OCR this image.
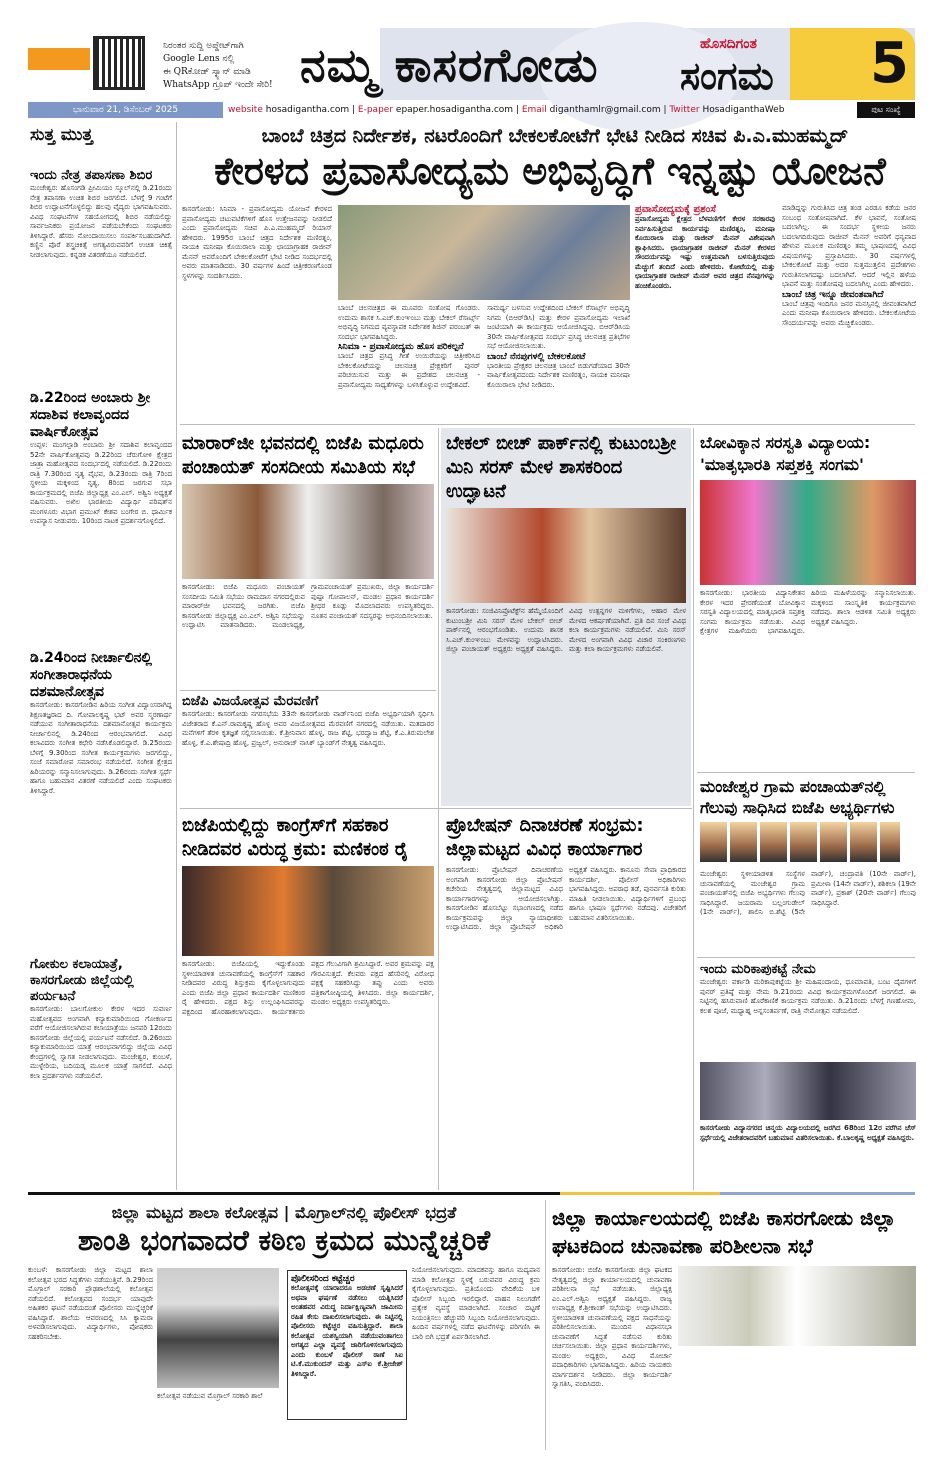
ನಿರಂತರ ಸುದ್ದಿ ಅಪ್ಡೇಟ್‌ಗಾಗಿ
Google Lens ನಲ್ಲಿ
ಈ QRಕೋಡ್ ಸ್ಕ್ಯಾನ್ ಮಾಡಿ
WhatsApp ಗ್ರೂಪ್ ಇಂದೇ ಸೇರಿ! ನಮ್ಮ ಕಾಸರಗೋಡು	ಹೊಸದಿಗಂತ
ಸಂಗಮ 5
ಭಾನುವಾರ 21, ಡಿಸೆಂಬರ್ 2025	website hosadigantha.com | E-paper epaper.hosadigantha.com | Email diganthamlr@gmail.com | Twitter HosadiganthaWeb	ಪುಟ ಸಂಖ್ಯೆ
ಸುತ್ತ ಮುತ್ತ
ಇಂದು ನೇತ್ರ ತಪಾಸಣಾ ಶಿಬಿರ

ಮಂಜೇಶ್ವರ: ಹೊಸಂಗಡಿ ಪ್ರೀಮಿಯಂ ಸ್ಕೂಲ್‌ನಲ್ಲಿ ಡಿ.21ರಂದು ನೇತ್ರ ತಪಾಸಣಾ ಉಚಿತ ಶಿಬಿರ ಜರಗಲಿದೆ. ಬೆಳಗ್ಗೆ 9 ಗಂಟೆಗೆ ಶಿಬಿರ ಉದ್ಘಾಟನೆಗೊಳ್ಳಲಿದ್ದು ಹಲವು ವೈದ್ಯರು ಭಾಗವಹಿಸುವರು. ವಿವಿಧ ಸಂಘಟನೆಗಳ ಸಹಯೋಗದಲ್ಲಿ ಶಿಬಿರ ನಡೆಯಲಿದ್ದು ಸಾರ್ವಜನಿಕರು ಪ್ರಯೋಜನ ಪಡೆಯಬೇಕೆಂದು ಸಂಘಟಕರು ತಿಳಿಸಿದ್ದಾರೆ. ಹೆಸರು ನೋಂದಾಯಿಸಲು ಸಂಪರ್ಕಿಸಬಹುದಾಗಿದೆ. ಕಣ್ಣಿನ ಪೊರೆ ಶಸ್ತ್ರಚಿಕಿತ್ಸೆ ಅಗತ್ಯವಿರುವವರಿಗೆ ಉಚಿತ ಚಿಕಿತ್ಸೆ ನೀಡಲಾಗುವುದು. ಕನ್ನಡಕ ವಿತರಣೆಯೂ ನಡೆಯಲಿದೆ.

ಡಿ.22ರಿಂದ ಅಂಬಾರು ಶ್ರೀ ಸದಾಶಿವ ಕಲಾವೃಂದದ ವಾರ್ಷಿಕೋತ್ಸವ

ಉಪ್ಪಳ: ಮಂಗಲ್ಪಾಡಿ ಅಂಬಾರು ಶ್ರೀ ಸದಾಶಿವ ಕಲಾವೃಂದದ 52ನೇ ವಾರ್ಷಿಕೋತ್ಸವವು ಡಿ.22ರಿಂದ ಚೆರುಗೋಳಿ ಕ್ಷೇತ್ರದ ಜಾತ್ರಾ ಮಹೋತ್ಸವದ ಸಂದರ್ಭದಲ್ಲಿ ನಡೆಯಲಿದೆ. ಡಿ.22ರಂದು ರಾತ್ರಿ 7.30ರಿಂದ ನೃತ್ಯ ವೈಭವ, ಡಿ.23ರಂದು ರಾತ್ರಿ 7ರಿಂದ ಸ್ಥಳೀಯ ಮಕ್ಕಳಿಂದ ನೃತ್ಯ, 8ರಿಂದ ಜರಗುವ ಸಭಾ ಕಾರ್ಯಕ್ರಮದಲ್ಲಿ ಬಿಜೆಪಿ ಜಿಲ್ಲಾಧ್ಯಕ್ಷ ಎಂ.ಎಲ್. ಅಶ್ವಿನಿ ಅಧ್ಯಕ್ಷತೆ ವಹಿಸುವರು. ಅಖಿಲ ಭಾರತೀಯ ವಿದ್ಯಾರ್ಥಿ ಪರಿಷತ್‌ನ ಮಂಗಳೂರು ವಿಭಾಗ ಪ್ರಮುಖ್ ಕೇಶವ ಬಂಗೇರ ಬಿ. ಧಾರ್ಮಿಕ ಉಪನ್ಯಾಸ ನೀಡುವರು. 10ರಿಂದ ನಾಟಕ ಪ್ರದರ್ಶನಗೊಳ್ಳಲಿದೆ.

ಡಿ.24ರಿಂದ ನೀರ್ಚಾಲಿನಲ್ಲಿ ಸಂಗೀತಾರಾಧನೆಯ ದಶಮಾನೋತ್ಸವ

ಕಾಸರಗೋಡು: ಕಾಸರಗೋಡಿನ ಹಿರಿಯ ಸಂಗೀತ ವಿದ್ವಾಂಸರಾಗಿದ್ದ ಶಿಕ್ಷಣತಜ್ಞರಾದ ದಿ. ಗೋಪಾಲಕೃಷ್ಣ ಭಟ್ ಅವರ ಸ್ಮರಣಾರ್ಥ ನಡೆಯುವ ಸಂಗೀತಾರಾಧನೆಯ ದಶಮಾನೋತ್ಸವ ಕಾರ್ಯಕ್ರಮ ನೀರ್ಚಾಲಿನಲ್ಲಿ ಡಿ.24ರಿಂದ ಆರಂಭವಾಗಲಿದೆ. ವಿವಿಧ ಕಲಾವಿದರು ಸಂಗೀತ ಕಛೇರಿ ನಡೆಸಿಕೊಡಲಿದ್ದಾರೆ. ಡಿ.25ರಂದು ಬೆಳಗ್ಗೆ 9.30ರಿಂದ ಸಂಗೀತ ಕಾರ್ಯಕ್ರಮಗಳು ಜರಗಲಿದ್ದು, ಸಂಜೆ ಸಮಾರೋಪ ಸಮಾರಂಭ ನಡೆಯಲಿದೆ. ಸಂಗೀತ ಕ್ಷೇತ್ರದ ಹಿರಿಯರನ್ನು ಸನ್ಮಾನಿಸಲಾಗುವುದು. ಡಿ.26ರಂದು ಸಂಗೀತ ಸ್ಪರ್ಧೆ ಹಾಗೂ ಬಹುಮಾನ ವಿತರಣೆ ನಡೆಯಲಿದೆ ಎಂದು ಸಂಘಟಕರು ತಿಳಿಸಿದ್ದಾರೆ.

ಗೋಕುಲ ಕಲಾಯಾತ್ರೆ, ಕಾಸರಗೋಡು ಜಿಲ್ಲೆಯಲ್ಲಿ ಪರ್ಯಟನೆ

ಕಾಸರಗೋಡು: ಬಾಲಗೋಕುಲ ಕೇರಳ ಇದರ ಸುವರ್ಣ ಮಹೋತ್ಸವದ ಅಂಗವಾಗಿ ಕನ್ಯಾಕುಮಾರಿಯಿಂದ ಗೋಕರ್ಣದ ವರೆಗೆ ಆಯೋಜಿಸಲಾಗಿರುವ ಕಲಾಯಾತ್ರೆಯು ಜನವರಿ 12ರಂದು ಕಾಸರಗೋಡು ಜಿಲ್ಲೆಯಲ್ಲಿ ಪರ್ಯಟನೆ ನಡೆಸಲಿದೆ. ಡಿ.26ರಂದು ಕನ್ಯಾಕುಮಾರಿಯಿಂದ ಯಾತ್ರೆ ಆರಂಭವಾಗಲಿದ್ದು ಜಿಲ್ಲೆಯ ವಿವಿಧ ಕೇಂದ್ರಗಳಲ್ಲಿ ಸ್ವಾಗತ ನೀಡಲಾಗುವುದು. ಮಂಜೇಶ್ವರ, ಕುಂಬಳೆ, ಮುಳ್ಳೇರಿಯ, ಬದಿಯಡ್ಕ ಮೂಲಕ ಯಾತ್ರೆ ಸಾಗಲಿದೆ. ವಿವಿಧ ಕಲಾ ಪ್ರದರ್ಶನಗಳು ನಡೆಯಲಿವೆ.

ಬಾಂಬೆ ಚಿತ್ರದ ನಿರ್ದೇಶಕ, ನಟರೊಂದಿಗೆ ಬೇಕಲಕೋಟೆಗೆ ಭೇಟಿ ನೀಡಿದ ಸಚಿವ ಪಿ.ಎ.ಮುಹಮ್ಮದ್
ಕೇರಳದ ಪ್ರವಾಸೋದ್ಯಮ ಅಭಿವೃದ್ಧಿಗೆ ಇನ್ನಷ್ಟು ಯೋಜನೆ

ಕಾಸರಗೋಡು: ಸಿನಿಮಾ - ಪ್ರವಾಸೋದ್ಯಮ ಯೋಜನೆ ಕೇರಳದ ಪ್ರವಾಸೋದ್ಯಮ ಚಟುವಟಿಕೆಗಳಿಗೆ ಹೊಸ ಉತ್ತೇಜನವನ್ನು ನೀಡಲಿದೆ ಎಂದು ಪ್ರವಾಸೋದ್ಯಮ ಸಚಿವ ಪಿ.ಎ.ಮುಹಮ್ಮದ್ ರಿಯಾಸ್ ಹೇಳಿದರು. 1995ರ ಬಾಂಬೆ ಚಿತ್ರದ ನಿರ್ದೇಶಕ ಮಣಿರತ್ನಂ, ನಾಯಕಿ ಮನೀಷಾ ಕೊಯಿರಾಲಾ ಮತ್ತು ಛಾಯಾಗ್ರಾಹಕ ರಾಜೀವ್ ಮೆನನ್ ಅವರೊಂದಿಗೆ ಬೇಕಲಕೋಟೆಗೆ ಭೇಟಿ ನೀಡಿದ ಸಂದರ್ಭದಲ್ಲಿ ಅವರು ಮಾತನಾಡಿದರು. 30 ವರ್ಷಗಳ ಹಿಂದೆ ಚಿತ್ರೀಕರಣಗೊಂಡ ಸ್ಥಳಗಳನ್ನು ಸಂದರ್ಶಿಸಿದರು.

ಬಾಂಬೆ ಚಲನಚಿತ್ರದ ಈ ಮೂವರು ಸಂತೋಷ ಗೊಂಡರು. ಉದುಮ ಶಾಸಕ ಸಿ.ಎಚ್.ಕುಂಞಂಬು ಮತ್ತು ಬೇಕಲ್ ರೆಸಾರ್ಟ್ಸ್ ಅಭಿವೃದ್ಧಿ ನಿಗಮದ ವ್ಯವಸ್ಥಾಪಕ ನಿರ್ದೇಶಕ ಶಿಜಿನ್ ಪರಂಬತ್ ಈ ಸಂದರ್ಭ ಭಾಗವಹಿಸಿದ್ದರು.

ಸಿನಿಮಾ - ಪ್ರವಾಸೋದ್ಯಮ ಹೊಸ ಪರಿಕಲ್ಪನೆ

ಬಾಂಬೆ ಚಿತ್ರದ ಪ್ರಸಿದ್ಧ ಗೀತೆ ಉಯಿರೆಯನ್ನು ಚಿತ್ರೀಕರಿಸಿದ ಬೇಕಲಕೋಟೆಯನ್ನು ಚಲನಚಿತ್ರ ಪ್ರೇಕ್ಷಕರಿಗೆ ಪುನರ್ ಪರಿಚಯಿಸುವ ಮತ್ತು ಈ ಪ್ರದೇಶದ ಚಲನಚಿತ್ರ - ಪ್ರವಾಸೋದ್ಯಮ ಸಾಧ್ಯತೆಗಳನ್ನು ಬಳಸಿಕೊಳ್ಳುವ ಉದ್ದೇಶವಿದೆ.

ಸಾಮರ್ಥ್ಯ ಬಳಸುವ ಉದ್ದೇಶದಿಂದ ಬೇಕಲ್ ರೆಸಾರ್ಟ್ಸ್ ಅಭಿವೃದ್ಧಿ ನಿಗಮ (ಬಿಆರ್‌ಡಿಸಿ) ಮತ್ತು ಕೇರಳ ಪ್ರವಾಸೋದ್ಯಮ ಇಲಾಖೆ ಜಂಟಿಯಾಗಿ ಈ ಕಾರ್ಯಕ್ರಮ ಆಯೋಜಿಸಿದ್ದವು. ಬಿಆರ್‌ಡಿಸಿಯ 30ನೇ ವಾರ್ಷಿಕೋತ್ಸವದ ಸಂದರ್ಭ ಪ್ರಸಿದ್ಧ ಚಲನಚಿತ್ರ ಪ್ರತಿಭೆಗಳ ಸಭೆ ಆಯೋಜಿಸಲಾಯಿತು.

ಬಾಂಬೆ ನೆನಪುಗಳಲ್ಲಿ ಬೇಕಲಕೋಟೆ

ಭಾರತೀಯ ಪ್ರೇಕ್ಷಕರ ಚಲನಚಿತ್ರ ಬಾಂಬೆ ಬಿಡುಗಡೆಯಾದ 30ನೇ ವಾರ್ಷಿಕೋತ್ಸವದಂದು ನಿರ್ದೇಶಕ ಮಣಿರತ್ನಂ, ನಾಯಕಿ ಮನೀಷಾ ಕೊಯಿರಾಲಾ ಭೇಟಿ ನೀಡಿದರು.

ಪ್ರವಾಸೋದ್ಯಮಕ್ಕೆ ಪ್ರಶಂಸೆ

ಪ್ರವಾಸೋದ್ಯಮ ಕ್ಷೇತ್ರದ ಬೆಳವಣಿಗೆಗೆ ಕೇರಳ ಸರಕಾರವು ನಿರ್ವಹಿಸುತ್ತಿರುವ ಕಾರ್ಯವನ್ನು ಮಣಿರತ್ನಂ, ಮನೀಷಾ ಕೊಯಿರಾಲಾ ಮತ್ತು ರಾಜೀವ್ ಮೆನನ್ ವಿಶೇಷವಾಗಿ ಶ್ಲಾಘಿಸಿದರು. ಛಾಯಾಗ್ರಾಹಕ ರಾಜೀವ್ ಮೆನನ್ ಕೇರಳದ ಸೌಂದರ್ಯವನ್ನು ಇಷ್ಟು ಉತ್ತಮವಾಗಿ ಬಳಸುತ್ತಿರುವುದು ಮೆಚ್ಚುಗೆ ತಂದಿದೆ ಎಂದು ಹೇಳಿದರು. ಕೋಟೆಯಲ್ಲಿ ಮತ್ತು ಛಾಯಾಗ್ರಾಹಕ ರಾಜೀವ್ ಮೆನನ್ ಅವರ ಚಿತ್ರದ ನೆನಪುಗಳನ್ನು ಹಂಚಿಕೊಂಡರು.

ಮಾಡಿದ್ದನ್ನು ಗುರುತಿಸಿದ ಚಿತ್ರ ತಂಡ ಎರಡೂ ಕಡೆಯ ಜನರ ಸಂಬಂಧ ಸಂತೋಷವಾಗಿದೆ. ಕೆಳ ಭಾವನೆ, ಸಂತೋಷ ಬದಲಾಗಿಲ್ಲ. ಈ ಸಂದರ್ಭ ಸ್ಥಳೀಯ ಜನರು ಬದಲಾಗದಿರುವುದು ರಾಜೀವ್ ಮೆನನ್ ಅವರಿಗೆ ಧನ್ಯವಾದ ಹೇಳುವ ಮೂಲಕ ಮಣಿರತ್ನಂ ತಮ್ಮ ಭಾಷಣದಲ್ಲಿ ವಿವಿಧ ವಿಷಯಗಳನ್ನು ಪ್ರಸ್ತಾಪಿಸಿದರು. 30 ವರ್ಷಗಳಲ್ಲಿ ಬೇಕಲಕೋಟೆ ಮತ್ತು ಅದರ ಸುತ್ತಮುತ್ತಲಿನ ಪ್ರದೇಶಗಳು ಗುರುತಿಸಲಾಗದಷ್ಟು ಬದಲಾಗಿವೆ. ಆದರೆ ಇಲ್ಲಿನ ಹಳೆಯ ಭಾವನೆ ಮತ್ತು ಸಂತೋಷವು ಬದಲಾಗಿಲ್ಲ ಎಂದು ಹೇಳಿದರು.

ಬಾಂಬೆ ಚಿತ್ರ ಇನ್ನೂ ಜೀವಂತವಾಗಿದೆ

ಬಾಂಬೆ ಚಿತ್ರವು ಇಂದಿಗೂ ಜನರ ಮನಸ್ಸಿನಲ್ಲಿ ಜೀವಂತವಾಗಿದೆ ಎಂದು ಮನೀಷಾ ಕೊಯಿರಾಲಾ ಹೇಳಿದರು. ಬೇಕಲಕೋಟೆಯ ಸೌಂದರ್ಯವನ್ನು ಅವರು ಮೆಚ್ಚಿಕೊಂಡರು.

ಮಾರಾರ್‌ಜೀ ಭವನದಲ್ಲಿ ಬಿಜೆಪಿ ಮಧೂರು ಪಂಚಾಯತ್ ಸಂಸದೀಯ ಸಮಿತಿಯ ಸಭೆ

ಕಾಸರಗೋಡು: ಬಿಜೆಪಿ ಮಧೂರು ಪಂಚಾಯತ್ ಸಂಸದೀಯ ಸಮಿತಿ ಸಭೆಯು ರಾಮದಾಸ ನಗರದಲ್ಲಿರುವ ಮಾರಾರ್‌ಜೀ ಭವನದಲ್ಲಿ ಜರಗಿತು. ಬಿಜೆಪಿ ಕಾಸರಗೋಡು ಜಿಲ್ಲಾಧ್ಯಕ್ಷ ಎಂ.ಎಲ್. ಅಶ್ವಿನಿ ಸಭೆಯನ್ನು ಉದ್ಘಾಟಿಸಿ ಮಾತನಾಡಿದರು. ಮಂಡಲಾಧ್ಯಕ್ಷ, ಗ್ರಾಮಪಂಚಾಯತ್ ಪ್ರಮುಖರು, ಜಿಲ್ಲಾ ಕಾರ್ಯದರ್ಶಿ ಪುಷ್ಪಾ ಗೋಪಾಲನ್, ಮಂಡಲ ಪ್ರಧಾನ ಕಾರ್ಯದರ್ಶಿ ಶ್ರೀಧರ ಕೂಡ್ಲು ಮೊದಲಾದವರು ಉಪಸ್ಥಿತರಿದ್ದರು. ನೂತನ ಪಂಚಾಯತ್ ಸದಸ್ಯರನ್ನು ಅಭಿನಂದಿಸಲಾಯಿತು.

ಬೇಕಲ್ ಬೀಚ್ ಪಾರ್ಕ್‌ನಲ್ಲಿ ಕುಟುಂಬಶ್ರೀ ಮಿನಿ ಸರಸ್ ಮೇಳ ಶಾಸಕರಿಂದ ಉದ್ಘಾಟನೆ

ಕಾಸರಗೋಡು: ಸಂಜಿವಿನಿಪ್ರೊಟೆಕ್ಟ್‌ನ ಹೆಮ್ಮೆಯೊಂದಿಗೆ ಕುಟುಂಬಶ್ರೀ ಮಿನಿ ಸರಸ್ ಮೇಳ ಬೇಕಲ್ ಬೀಚ್ ಪಾರ್ಕ್‌ನಲ್ಲಿ ಆರಂಭಗೊಂಡಿತು. ಉದುಮ ಶಾಸಕ ಸಿ.ಎಚ್.ಕುಂಞಂಬು ಮೇಳವನ್ನು ಉದ್ಘಾಟಿಸಿದರು. ಜಿಲ್ಲಾ ಪಂಚಾಯತ್ ಅಧ್ಯಕ್ಷರು ಅಧ್ಯಕ್ಷತೆ ವಹಿಸಿದ್ದರು. ವಿವಿಧ ಉತ್ಪನ್ನಗಳ ಮಳಿಗೆಗಳು, ಆಹಾರ ಮೇಳ ಮೇಳದ ಆಕರ್ಷಣೆಯಾಗಿವೆ. ಪ್ರತಿ ದಿನ ಸಂಜೆ ವಿವಿಧ ಕಲಾ ಕಾರ್ಯಕ್ರಮಗಳು ನಡೆಯಲಿವೆ. ಮಿನಿ ಸರಸ್ ಮೇಳದ ಅಂಗವಾಗಿ ವಿವಿಧ ವಿಚಾರ ಸಂಕಿರಣಗಳು ಮತ್ತು ಕಲಾ ಕಾರ್ಯಕ್ರಮಗಳು ನಡೆಯಲಿವೆ.

ಬೋವಿಕ್ಕಾನ ಸರಸ್ವತಿ ವಿದ್ಯಾಲಯ: 'ಮಾತೃಭಾರತಿ ಸಪ್ತಶಕ್ತಿ ಸಂಗಮ'

ಕಾಸರಗೋಡು: ಭಾರತೀಯ ವಿದ್ಯಾನಿಕೇತನ ಕೇರಳ ಇದರ ಪ್ರೇರಣೆಯಂತೆ ಬೋವಿಕ್ಕಾನ ಸರಸ್ವತಿ ವಿದ್ಯಾಲಯದಲ್ಲಿ ಮಾತೃಭಾರತಿ ಸಪ್ತಶಕ್ತಿ ಸಂಗಮ ಕಾರ್ಯಕ್ರಮ ನಡೆಯಿತು. ವಿವಿಧ ಕ್ಷೇತ್ರಗಳ ಮಹಿಳೆಯರು ಭಾಗವಹಿಸಿದ್ದರು. ಹಿರಿಯ ಮಹಿಳೆಯರನ್ನು ಸನ್ಮಾನಿಸಲಾಯಿತು. ಮಕ್ಕಳಿಂದ ಸಾಂಸ್ಕೃತಿಕ ಕಾರ್ಯಕ್ರಮಗಳು ನಡೆದವು. ಶಾಲಾ ಆಡಳಿತ ಸಮಿತಿ ಅಧ್ಯಕ್ಷರು ಅಧ್ಯಕ್ಷತೆ ವಹಿಸಿದ್ದರು.

ಬಿಜೆಪಿ ವಿಜಯೋತ್ಸವ ಮೆರವಣಿಗೆ

ಕಾಸರಗೋಡು: ಕಾಸರಗೋಡು ನಗರಸಭೆಯ 33ನೇ ಕಾಸರಗೋಡು ವಾರ್ಡ್‌ನಿಂದ ಬಿಜೆಪಿ ಅಭ್ಯರ್ಥಿಯಾಗಿ ಸ್ಪರ್ಧಿಸಿ ವಿಜೇತರಾದ ಕೆ.ಎನ್.ರಾಮಕೃಷ್ಣ ಹೊಳ್ಳ ಅವರ ವಿಜಯೋತ್ಸವದ ಮೆರವಣಿಗೆ ನಗರದಲ್ಲಿ ನಡೆಯಿತು. ಮತದಾರರ ಮನೆಗಳಿಗೆ ತೆರಳಿ ಕೃತಜ್ಞತೆ ಸಲ್ಲಿಸಲಾಯಿತು. ಕೆ.ಶ್ರೀನಿವಾಸ ಹೊಳ್ಳ, ರಾಜ ಶೆಟ್ಟಿ, ಭರದ್ವಾಜ ಶೆಟ್ಟಿ, ಕೆ.ಎ.ತಿರುಮಲೇಶ ಹೊಳ್ಳ, ಕೆ.ಎ.ಶೇಷಾದ್ರಿ ಹೊಳ್ಳ, ಪ್ರಜ್ವಲ್, ಅನುರಾಜ್ ನಾಸಿಕ್ ಬ್ಯಾಂಡ್‌ಗೆ ನೇತೃತ್ವ ವಹಿಸಿದ್ದರು.

ಮಂಜೇಶ್ವರ ಗ್ರಾಮ ಪಂಚಾಯತ್‌ನಲ್ಲಿ ಗೆಲುವು ಸಾಧಿಸಿದ ಬಿಜೆಪಿ ಅಭ್ಯರ್ಥಿಗಳು

ಮಂಜೇಶ್ವರ: ಸ್ಥಳೀಯಾಡಳಿತ ಸಂಸ್ಥೆಗಳ ಚುನಾವಣೆಯಲ್ಲಿ ಮಂಜೇಶ್ವರ ಗ್ರಾಮ ಪಂಚಾಯತ್‌ನಲ್ಲಿ ಬಿಜೆಪಿ ಅಭ್ಯರ್ಥಿಗಳು ಗೆಲುವು ಸಾಧಿಸಿದ್ದಾರೆ. ಜಯರಾಮ ಬಲ್ಲಂಗುಡೇಲ್ (1ನೇ ವಾರ್ಡ್), ಶಾಲಿನಿ ಬಿ.ಶೆಟ್ಟಿ (5ನೇ ವಾರ್ಡ್), ಚಂದ್ರಾವತಿ (10ನೇ ವಾರ್ಡ್), ಪ್ರಮೀಳಾ (14ನೇ ವಾರ್ಡ್), ಶಶಿಕಲಾ (19ನೇ ವಾರ್ಡ್), ಪ್ರಕಾಶ್ (20ನೇ ವಾರ್ಡ್) ಗೆಲುವು ಸಾಧಿಸಿದ್ದಾರೆ.

ಇಂದು ಮರಿಕಾಪುಕಟ್ಟೆ ನೇಮ

ಮಂಜೇಶ್ವರ: ವರ್ಕಾಡಿ ಮರಿಕಾಪುಕಟ್ಟೆಯ ಶ್ರೀ ಮಹಿಷಂದಾಯ, ಧೂಮಾವತಿ, ಬಂಟ ದೈವಗಳಿಗೆ ಪುನರ್ ಪ್ರತಿಷ್ಠೆ ಮತ್ತು ನೇಮ ಡಿ.21ರಂದು ವಿವಿಧ ಕಾರ್ಯಕ್ರಮಗಳೊಂದಿಗೆ ಜರಗಲಿದೆ. ಈ ನಿಟ್ಟಿನಲ್ಲಿ ಹಸಿರುವಾಣಿ ಹೊರೆಕಾಣಿಕೆ ಕಾರ್ಯಕ್ರಮ ನಡೆಯಿತು. ಡಿ.21ರಂದು ಬೆಳಗ್ಗೆ ಗಣಹೋಮ, ಕಲಶ ಪೂಜೆ, ಮಧ್ಯಾಹ್ನ ಅನ್ನಸಂತರ್ಪಣೆ, ರಾತ್ರಿ ನೇಮೋತ್ಸವ ನಡೆಯಲಿದೆ.

ಕಾಸರಗೋಡು ವಿದ್ಯಾನಗರದ ಚಿನ್ಮಯ ವಿದ್ಯಾಲಯದಲ್ಲಿ ಜರಗಿದ 68ರಿಂದ 12ರ ವರೆಗಿನ ಚೆಸ್ ಸ್ಪರ್ಧೆಯಲ್ಲಿ ವಿಜೇತರಾದವರಿಗೆ ಬಹುಮಾನ ವಿತರಿಸಲಾಯಿತು. ಕೆ.ಬಾಲಕೃಷ್ಣ ಅಧ್ಯಕ್ಷತೆ ವಹಿಸಿದ್ದರು.

ಬಿಜೆಪಿಯಲ್ಲಿದ್ದು ಕಾಂಗ್ರೆಸ್‌ಗೆ ಸಹಕಾರ ನೀಡಿದವರ ವಿರುದ್ಧ ಕ್ರಮ: ಮಣಿಕಂಠ ರೈ

ಕಾಸರಗೋಡು: ಬಿಜೆಪಿಯಲ್ಲಿ ಇದ್ದುಕೊಂಡು ಸ್ಥಳೀಯಾಡಳಿತ ಚುನಾವಣೆಯಲ್ಲಿ ಕಾಂಗ್ರೆಸ್‌ಗೆ ಸಹಕಾರ ನೀಡಿದವರ ವಿರುದ್ಧ ಶಿಸ್ತುಕ್ರಮ ಕೈಗೊಳ್ಳಲಾಗುವುದು ಎಂದು ಬಿಜೆಪಿ ಜಿಲ್ಲಾ ಪ್ರಧಾನ ಕಾರ್ಯದರ್ಶಿ ಮಣಿಕಂಠ ರೈ ಹೇಳಿದರು. ಪಕ್ಷದ ಶಿಸ್ತು ಉಲ್ಲಂಘಿಸಿದವರನ್ನು ಪಕ್ಷದಿಂದ ಹೊರಹಾಕಲಾಗುವುದು. ಕಾರ್ಯಕರ್ತರು ಪಕ್ಷದ ಗೆಲುವಿಗಾಗಿ ಶ್ರಮಿಸಿದ್ದಾರೆ. ಅವರ ಶ್ರಮವನ್ನು ಪಕ್ಷ ಗೌರವಿಸುತ್ತದೆ. ಕೆಲವರು ಪಕ್ಷದ ಹೆಸರಿನಲ್ಲಿ ವಿರೋಧ ಪಕ್ಷಕ್ಕೆ ಸಹಕರಿಸಿದ್ದು ತಪ್ಪು ಎಂದು ಅವರು ಪತ್ರಿಕಾಗೋಷ್ಠಿಯಲ್ಲಿ ತಿಳಿಸಿದರು. ಜಿಲ್ಲಾ ಕಾರ್ಯದರ್ಶಿ, ಮಂಡಲ ಅಧ್ಯಕ್ಷರು ಉಪಸ್ಥಿತರಿದ್ದರು.

ಪ್ರೊಬೇಷನ್ ದಿನಾಚರಣೆ ಸಂಭ್ರಮ: ಜಿಲ್ಲಾಮಟ್ಟದ ವಿವಿಧ ಕಾರ್ಯಾಗಾರ

ಕಾಸರಗೋಡು: ಪ್ರೊಬೇಷನ್ ದಿನಾಚರಣೆಯ ಅಂಗವಾಗಿ ಕಾಸರಗೋಡು ಜಿಲ್ಲಾ ಪ್ರೊಬೇಷನ್ ಕಚೇರಿಯ ನೇತೃತ್ವದಲ್ಲಿ ಜಿಲ್ಲಾಮಟ್ಟದ ವಿವಿಧ ಕಾರ್ಯಾಗಾರಗಳನ್ನು ಆಯೋಜಿಸಲಾಗಿತ್ತು. ಕಾಸರಗೋಡಿನ ಹೊಸಬೆಟ್ಟು ಸಭಾಂಗಣದಲ್ಲಿ ನಡೆದ ಕಾರ್ಯಕ್ರಮವನ್ನು ಜಿಲ್ಲಾ ನ್ಯಾಯಾಧೀಶರು ಉದ್ಘಾಟಿಸಿದರು. ಜಿಲ್ಲಾ ಪ್ರೊಬೇಷನ್ ಅಧಿಕಾರಿ ಅಧ್ಯಕ್ಷತೆ ವಹಿಸಿದ್ದರು. ಕಾನೂನು ಸೇವಾ ಪ್ರಾಧಿಕಾರದ ಕಾರ್ಯದರ್ಶಿ, ಪೊಲೀಸ್ ಅಧಿಕಾರಿಗಳು ಭಾಗವಹಿಸಿದ್ದರು. ಅಪರಾಧ ತಡೆ, ಪುನರ್ವಸತಿ ಕುರಿತು ಮಾಹಿತಿ ನೀಡಲಾಯಿತು. ವಿದ್ಯಾರ್ಥಿಗಳಿಗೆ ಪ್ರಬಂಧ ಹಾಗೂ ಭಾಷಣ ಸ್ಪರ್ಧೆಗಳು ನಡೆದವು. ವಿಜೇತರಿಗೆ ಬಹುಮಾನ ವಿತರಿಸಲಾಯಿತು.

ಜಿಲ್ಲಾ ಮಟ್ಟದ ಶಾಲಾ ಕಲೋತ್ಸವ | ಮೊಗ್ರಾಲ್‌ನಲ್ಲಿ ಪೊಲೀಸ್ ಭದ್ರತೆ
ಶಾಂತಿ ಭಂಗವಾದರೆ ಕಠಿಣ ಕ್ರಮದ ಮುನ್ನೆಚ್ಚರಿಕೆ

ಕುಂಬಳೆ: ಕಾಸರಗೋಡು ಜಿಲ್ಲಾ ಮಟ್ಟದ ಶಾಲಾ ಕಲೋತ್ಸವ ಭರದ ಸಿದ್ಧತೆಗಳು ನಡೆಯುತ್ತಿವೆ. ಡಿ.29ರಿಂದ ಮೊಗ್ರಾಲ್ ಸರಕಾರಿ ಪ್ರೌಢಶಾಲೆಯಲ್ಲಿ ಕಲೋತ್ಸವ ನಡೆಯಲಿದೆ. ಕಲೋತ್ಸವದ ಸಂದರ್ಭ ಯಾವುದೇ ಅಹಿತಕರ ಘಟನೆ ನಡೆಯದಂತೆ ಪೊಲೀಸರು ಮುನ್ನೆಚ್ಚರಿಕೆ ವಹಿಸಿದ್ದಾರೆ. ಶಾಲೆಯ ಆವರಣದಲ್ಲಿ ಸಿಸಿ ಕ್ಯಾಮರಾ ಅಳವಡಿಸಲಾಗುವುದು. ವಿದ್ಯಾರ್ಥಿಗಳು, ಪೋಷಕರು ಸಹಕರಿಸಬೇಕು.

ಕಲೋತ್ಸವ ನಡೆಯುವ ಮೊಗ್ರಾಲ್ ಸರಕಾರಿ ಶಾಲೆ

ಪೊಲೀಸರಿಂದ ಕಟ್ಟೆಚ್ಚರ

ಕಲೋತ್ಸವಕ್ಕೆ ಯಾರಾದರೂ ಅಡಚಣೆ ಸೃಷ್ಟಿಸಿದರೆ ಅಥವಾ ಘರ್ಷಣೆ ನಡೆಸಲು ಯತ್ನಿಸಿದರೆ ಅಂತಹವರ ವಿರುದ್ಧ ನಿರ್ದಾಕ್ಷಿಣ್ಯವಾಗಿ ಜಾಮೀನು ರಹಿತ ಕೇಸು ದಾಖಲಿಸಲಾಗುವುದು. ಈ ನಿಟ್ಟಿನಲ್ಲಿ ಪೊಲೀಸರು ಕಟ್ಟೆಚ್ಚರ ವಹಿಸುತ್ತಿದ್ದಾರೆ. ಶಾಲಾ ಕಲೋತ್ಸವ ಯಶಸ್ವಿಯಾಗಿ ನಡೆಯುವಂತಾಗಲು ಅಗತ್ಯದ ಎಲ್ಲಾ ವ್ಯವಸ್ಥೆ ಜಾರಿಗೊಳಿಸಲಾಗುವುದು ಎಂದು ಕುಂಬಳೆ ಪೊಲೀಸ್ ಠಾಣೆ ಸಿಐ ಟಿ.ಕೆ.ಮುಕುಂದನ್ ಮತ್ತು ಎಸ್‌ಐ ಕೆ.ಶ್ರೀಜೇಶ್ ತಿಳಿಸಿದ್ದಾರೆ.

ನಿಯೋಜಿಸಲಾಗುವುದು. ಮಾದಕವಸ್ತು ಹಾಗೂ ಮದ್ಯಪಾನ ಮಾಡಿ ಕಲೋತ್ಸವ ಸ್ಥಳಕ್ಕೆ ಬರುವವರ ವಿರುದ್ಧ ಕ್ರಮ ಕೈಗೊಳ್ಳಲಾಗುವುದು. ಪ್ರತಿಯೊಂದು ವೇದಿಕೆಯ ಬಳಿ ಪೊಲೀಸ್ ಸಿಬ್ಬಂದಿ ಇರಲಿದ್ದಾರೆ. ವಾಹನ ನಿಲುಗಡೆಗೆ ಪ್ರತ್ಯೇಕ ವ್ಯವಸ್ಥೆ ಮಾಡಲಾಗಿದೆ. ಸಂಚಾರ ದಟ್ಟಣೆ ನಿಯಂತ್ರಿಸಲು ಹೆಚ್ಚುವರಿ ಸಿಬ್ಬಂದಿ ನಿಯೋಜಿಸಲಾಗುವುದು. ಹಿಂದಿನ ವರ್ಷಗಳಲ್ಲಿ ನಡೆದ ಘಟನೆಗಳನ್ನು ಪರಿಗಣಿಸಿ ಈ ಬಾರಿ ಬಿಗಿ ಭದ್ರತೆ ಏರ್ಪಡಿಸಲಾಗಿದೆ.

ಜಿಲ್ಲಾ ಕಾರ್ಯಾಲಯದಲ್ಲಿ ಬಿಜೆಪಿ ಕಾಸರಗೋಡು ಜಿಲ್ಲಾ ಘಟಕದಿಂದ ಚುನಾವಣಾ ಪರಿಶೀಲನಾ ಸಭೆ

ಕಾಸರಗೋಡು: ಬಿಜೆಪಿ ಕಾಸರಗೋಡು ಜಿಲ್ಲಾ ಘಟಕದ ನೇತೃತ್ವದಲ್ಲಿ ಜಿಲ್ಲಾ ಕಾರ್ಯಾಲಯದಲ್ಲಿ ಚುನಾವಣಾ ಪರಿಶೀಲನಾ ಸಭೆ ನಡೆಯಿತು. ಜಿಲ್ಲಾಧ್ಯಕ್ಷ ಎಂ.ಎಲ್.ಅಶ್ವಿನಿ ಅಧ್ಯಕ್ಷತೆ ವಹಿಸಿದ್ದರು. ರಾಜ್ಯ ಉಪಾಧ್ಯಕ್ಷ ಕೆ.ಶ್ರೀಕಾಂತ್ ಸಭೆಯನ್ನು ಉದ್ಘಾಟಿಸಿದರು. ಸ್ಥಳೀಯಾಡಳಿತ ಚುನಾವಣೆಯಲ್ಲಿ ಪಕ್ಷದ ಸಾಧನೆಯನ್ನು ಪರಿಶೀಲಿಸಲಾಯಿತು. ಮುಂದಿನ ವಿಧಾನಸಭಾ ಚುನಾವಣೆಗೆ ಸಿದ್ಧತೆ ನಡೆಸುವ ಕುರಿತು ಚರ್ಚಿಸಲಾಯಿತು. ಜಿಲ್ಲಾ ಪ್ರಧಾನ ಕಾರ್ಯದರ್ಶಿಗಳು, ಮಂಡಲ ಅಧ್ಯಕ್ಷರು, ವಿವಿಧ ಮೋರ್ಚಾ ಪದಾಧಿಕಾರಿಗಳು ಭಾಗವಹಿಸಿದ್ದರು. ಹಿರಿಯ ನಾಯಕರು ಮಾರ್ಗದರ್ಶನ ನೀಡಿದರು. ಜಿಲ್ಲಾ ಕಾರ್ಯದರ್ಶಿ ಸ್ವಾಗತಿಸಿ, ವಂದಿಸಿದರು.
